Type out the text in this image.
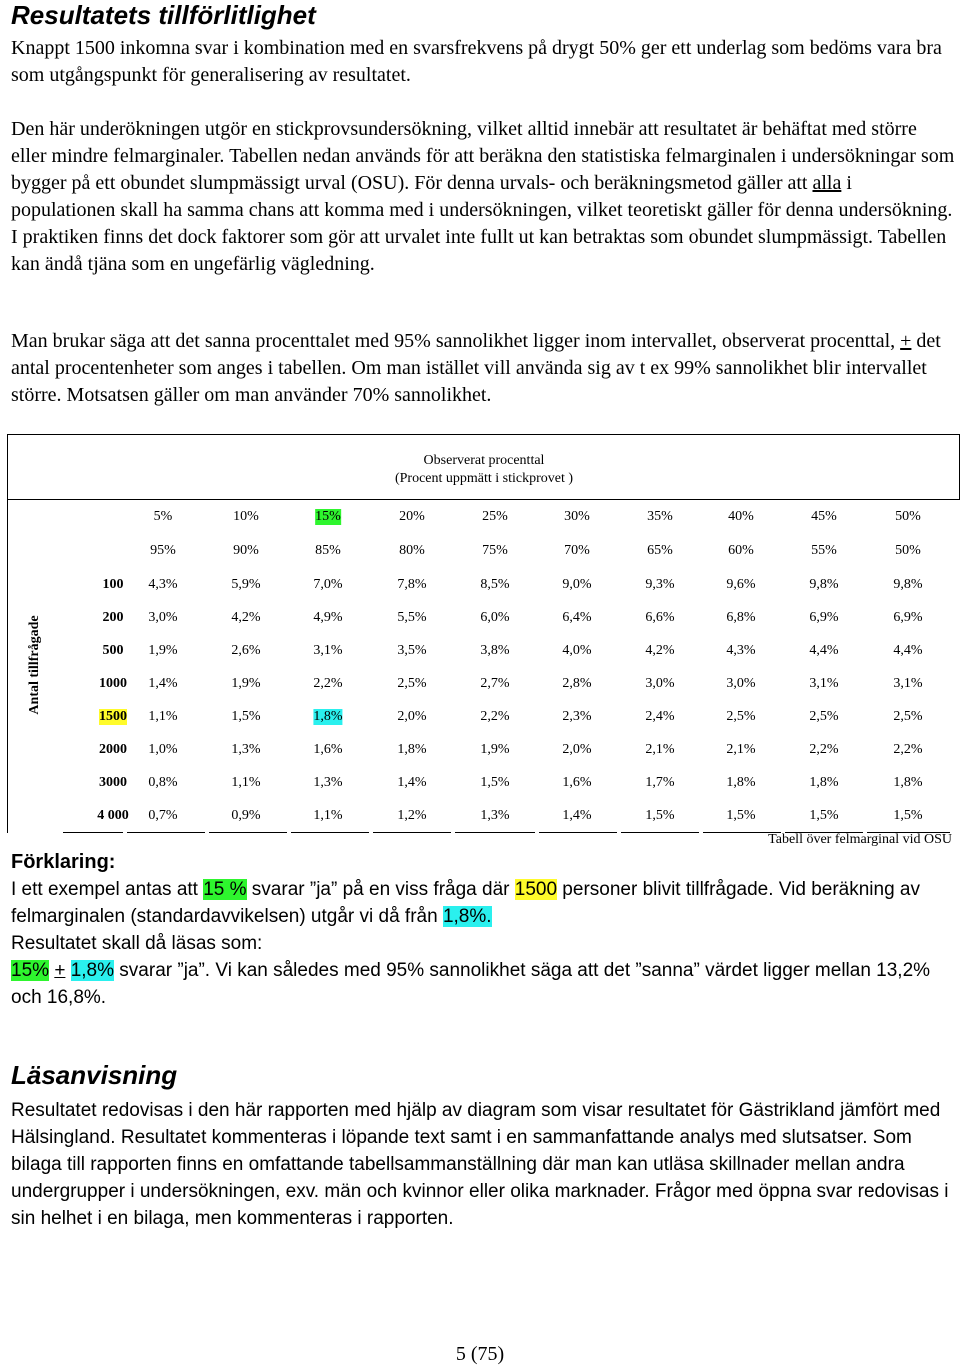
Resultatets tillförlitlighet

Knappt 1500 inkomna svar i kombination med en svarsfrekvens på drygt 50% ger ett underlag som bedöms vara bra som utgångspunkt för generalisering av resultatet.

Den här underökningen utgör en stickprovsundersökning, vilket alltid innebär att resultatet är behäftat med större eller mindre felmarginaler. Tabellen nedan används för att beräkna den statistiska felmarginalen i undersökningar som bygger på ett obundet slumpmässigt urval (OSU). För denna urvals- och beräkningsmetod gäller att alla i populationen skall ha samma chans att komma med i undersökningen, vilket teoretiskt gäller för denna undersökning. I praktiken finns det dock faktorer som gör att urvalet inte fullt ut kan betraktas som obundet slumpmässigt. Tabellen kan ändå tjäna som en ungefärlig vägledning.

Man brukar säga att det sanna procenttalet med 95% sannolikhet ligger inom intervallet, observerat procenttal, + det antal procentenheter som anges i tabellen. Om man istället vill använda sig av t ex 99% sannolikhet blir intervallet större. Motsatsen gäller om man använder 70% sannolikhet.

Observerat procenttal
(Procent uppmätt i stickprovet )
5%	10%	15%	20%	25%	30%	35%	40%	45%	50%
95%	90%	85%	80%	75%	70%	65%	60%	55%	50%
100 4,3%	5,9%	7,0%	7,8%	8,5%	9,0%	9,3%	9,6%	9,8%	9,8%
200 3,0%	4,2%	4,9%	5,5%	6,0%	6,4%	6,6%	6,8%	6,9%	6,9%
500 1,9%	2,6%	3,1%	3,5%	3,8%	4,0%	4,2%	4,3%	4,4%	4,4%
1000 1,4%	1,9%	2,2%	2,5%	2,7%	2,8%	3,0%	3,0%	3,1%	3,1%
1500 1,1%	1,5%	1,8%	2,0%	2,2%	2,3%	2,4%	2,5%	2,5%	2,5%
2000 1,0%	1,3%	1,6%	1,8%	1,9%	2,0%	2,1%	2,1%	2,2%	2,2%
3000 0,8%	1,1%	1,3%	1,4%	1,5%	1,6%	1,7%	1,8%	1,8%	1,8%
4 000 0,7%	0,9%	1,1%	1,2%	1,3%	1,4%	1,5%	1,5%	1,5%	1,5%
Antal tillfrågade
Tabell över felmarginal vid OSU
Förklaring:

I ett exempel antas att 15 % svarar ”ja” på en viss fråga där 1500 personer blivit tillfrågade. Vid beräkning av felmarginalen (standardavvikelsen) utgår vi då från 1,8%.

Resultatet skall då läsas som:

15% + 1,8% svarar ”ja”. Vi kan således med 95% sannolikhet säga att det ”sanna” värdet ligger mellan 13,2% och 16,8%.

Läsanvisning

Resultatet redovisas i den här rapporten med hjälp av diagram som visar resultatet för Gästrikland jämfört med Hälsingland. Resultatet kommenteras i löpande text samt i en sammanfattande analys med slutsatser. Som bilaga till rapporten finns en omfattande tabellsammanställning där man kan utläsa skillnader mellan andra undergrupper i undersökningen, exv. män och kvinnor eller olika marknader. Frågor med öppna svar redovisas i sin helhet i en bilaga, men kommenteras i rapporten.

5 (75)
